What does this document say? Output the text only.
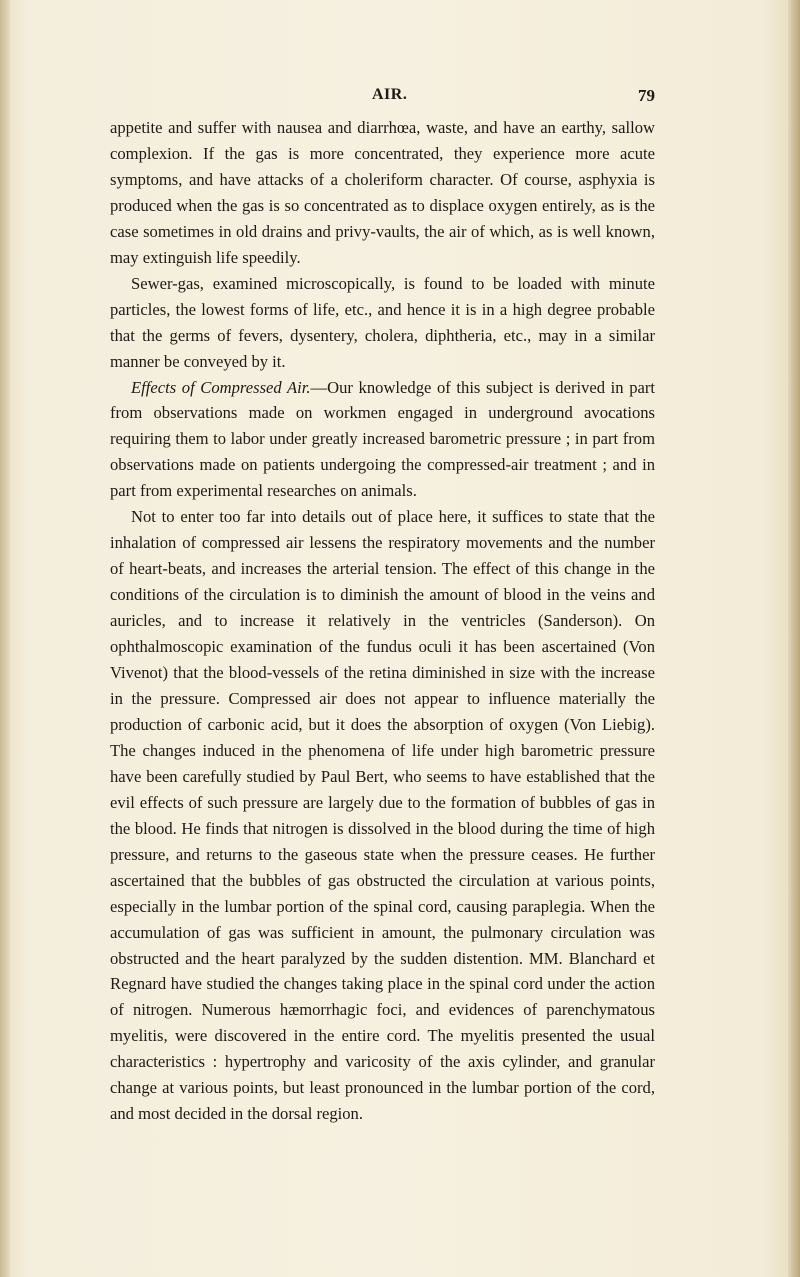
AIR.	79

appetite and suffer with nausea and diarrhœa, waste, and have an earthy, sallow complexion. If the gas is more concentrated, they experience more acute symptoms, and have attacks of a choleriform character. Of course, asphyxia is produced when the gas is so concentrated as to displace oxygen entirely, as is the case sometimes in old drains and privy-vaults, the air of which, as is well known, may extinguish life speedily.

Sewer-gas, examined microscopically, is found to be loaded with minute particles, the lowest forms of life, etc., and hence it is in a high degree probable that the germs of fevers, dysentery, cholera, diphtheria, etc., may in a similar manner be conveyed by it.

Effects of Compressed Air.—Our knowledge of this subject is derived in part from observations made on workmen engaged in underground avocations requiring them to labor under greatly increased barometric pressure ; in part from observations made on patients undergoing the compressed-air treatment ; and in part from experimental researches on animals.

Not to enter too far into details out of place here, it suffices to state that the inhalation of compressed air lessens the respiratory movements and the number of heart-beats, and increases the arterial tension. The effect of this change in the conditions of the circulation is to diminish the amount of blood in the veins and auricles, and to increase it relatively in the ventricles (Sanderson). On ophthalmoscopic examination of the fundus oculi it has been ascertained (Von Vivenot) that the blood-vessels of the retina diminished in size with the increase in the pressure. Compressed air does not appear to influence materially the production of carbonic acid, but it does the absorption of oxygen (Von Liebig). The changes induced in the phenomena of life under high barometric pressure have been carefully studied by Paul Bert, who seems to have established that the evil effects of such pressure are largely due to the formation of bubbles of gas in the blood. He finds that nitrogen is dissolved in the blood during the time of high pressure, and returns to the gaseous state when the pressure ceases. He further ascertained that the bubbles of gas obstructed the circulation at various points, especially in the lumbar portion of the spinal cord, causing paraplegia. When the accumulation of gas was sufficient in amount, the pulmonary circulation was obstructed and the heart paralyzed by the sudden distention. MM. Blanchard et Regnard have studied the changes taking place in the spinal cord under the action of nitrogen. Numerous hæmorrhagic foci, and evidences of parenchymatous myelitis, were discovered in the entire cord. The myelitis presented the usual characteristics : hypertrophy and varicosity of the axis cylinder, and granular change at various points, but least pronounced in the lumbar portion of the cord, and most decided in the dorsal region.
